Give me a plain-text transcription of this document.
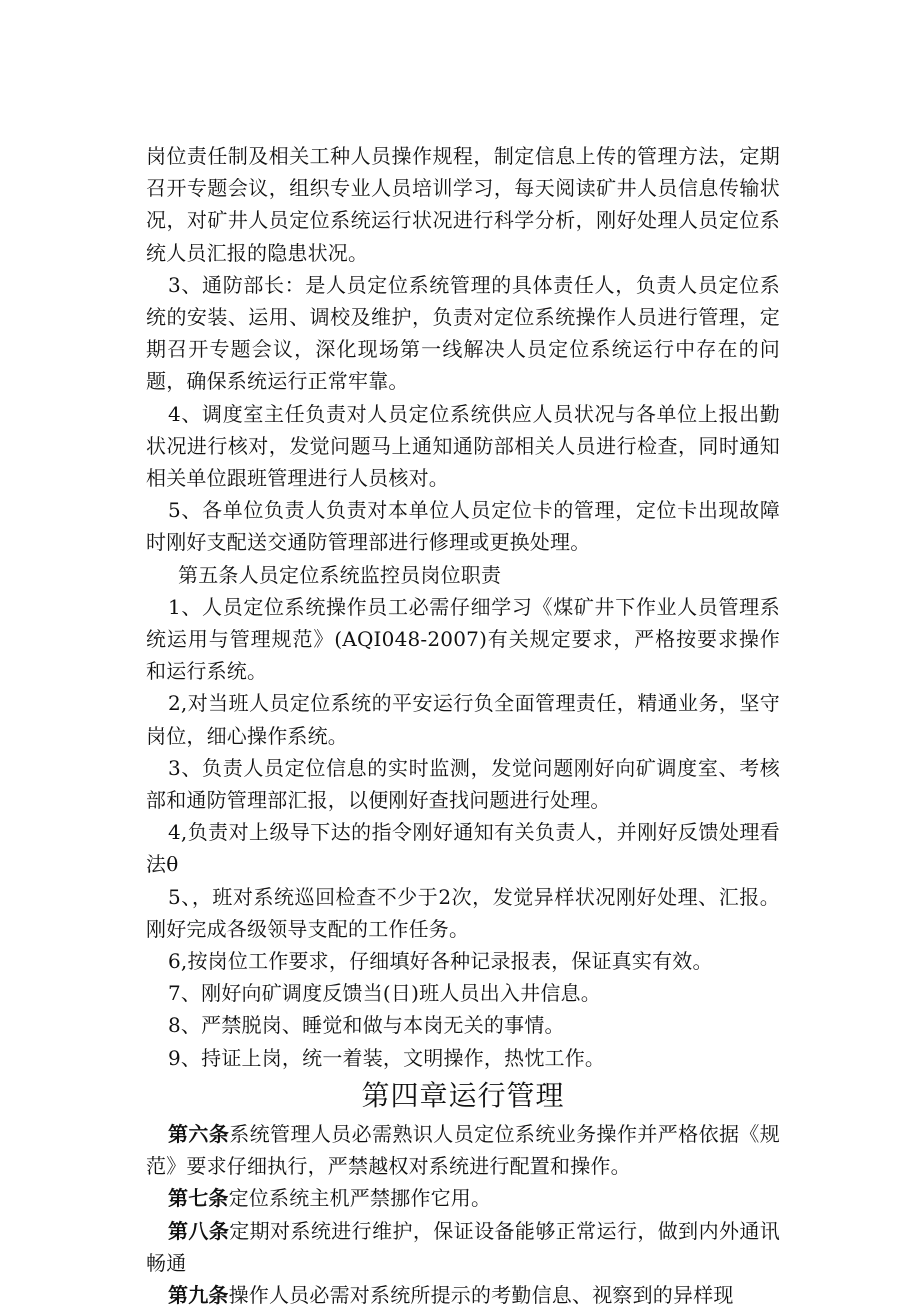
岗位责任制及相关工种人员操作规程，制定信息上传的管理方法，定期召开专题会议，组织专业人员培训学习，每天阅读矿井人员信息传输状况，对矿井人员定位系统运行状况进行科学分析，刚好处理人员定位系统人员汇报的隐患状况。

3、通防部长：是人员定位系统管理的具体责任人，负责人员定位系统的安装、运用、调校及维护，负责对定位系统操作人员进行管理，定期召开专题会议，深化现场第一线解决人员定位系统运行中存在的问题，确保系统运行正常牢靠。

4、调度室主任负责对人员定位系统供应人员状况与各单位上报出勤状况进行核对，发觉问题马上通知通防部相关人员进行检查，同时通知相关单位跟班管理进行人员核对。

5、各单位负责人负责对本单位人员定位卡的管理，定位卡出现故障时刚好支配送交通防管理部进行修理或更换处理。

第五条人员定位系统监控员岗位职责

1、人员定位系统操作员工必需仔细学习《煤矿井下作业人员管理系统运用与管理规范》(AQI048-2007)有关规定要求，严格按要求操作和运行系统。

2,对当班人员定位系统的平安运行负全面管理责任，精通业务，坚守岗位，细心操作系统。

3、负责人员定位信息的实时监测，发觉问题刚好向矿调度室、考核部和通防管理部汇报，以便刚好查找问题进行处理。

4,负责对上级导下达的指令刚好通知有关负责人，并刚好反馈处理看法θ

5、，班对系统巡回检查不少于2次，发觉异样状况刚好处理、汇报。刚好完成各级领导支配的工作任务。

6,按岗位工作要求，仔细填好各种记录报表，保证真实有效。

7、刚好向矿调度反馈当(日)班人员出入井信息。

8、严禁脱岗、睡觉和做与本岗无关的事情。

9、持证上岗，统一着装，文明操作，热忱工作。

第四章运行管理

第六条系统管理人员必需熟识人员定位系统业务操作并严格依据《规范》要求仔细执行，严禁越权对系统进行配置和操作。

第七条定位系统主机严禁挪作它用。

第八条定期对系统进行维护，保证设备能够正常运行，做到内外通讯畅通

第九条操作人员必需对系统所提示的考勤信息、视察到的异样现
